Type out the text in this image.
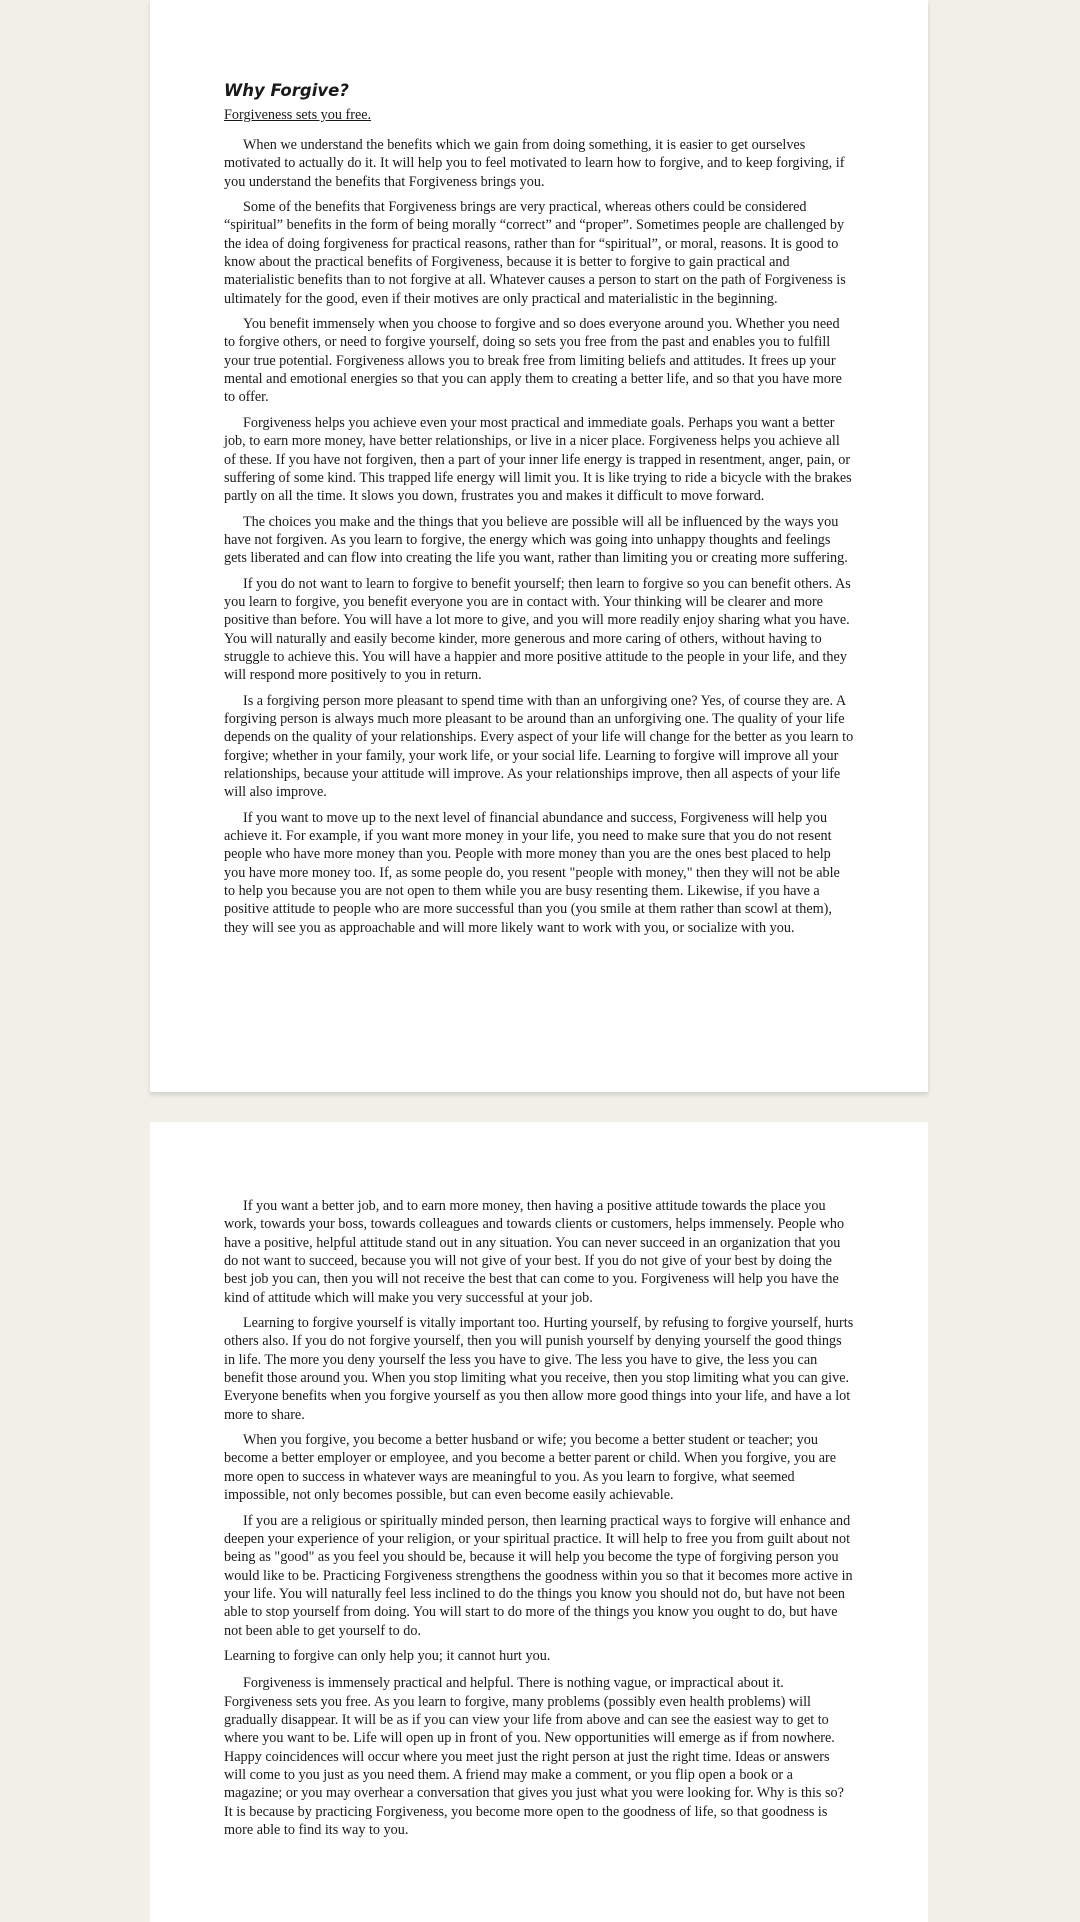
Why Forgive?
Forgiveness sets you free.

When we understand the benefits which we gain from doing something, it is easier to get ourselves motivated to actually do it. It will help you to feel motivated to learn how to forgive, and to keep forgiving, if you understand the benefits that Forgiveness brings you.

Some of the benefits that Forgiveness brings are very practical, whereas others could be considered “spiritual” benefits in the form of being morally “correct” and “proper”. Sometimes people are challenged by the idea of doing forgiveness for practical reasons, rather than for “spiritual”, or moral, reasons. It is good to know about the practical benefits of Forgiveness, because it is better to forgive to gain practical and materialistic benefits than to not forgive at all. Whatever causes a person to start on the path of Forgiveness is ultimately for the good, even if their motives are only practical and materialistic in the beginning.

You benefit immensely when you choose to forgive and so does everyone around you. Whether you need to forgive others, or need to forgive yourself, doing so sets you free from the past and enables you to fulfill your true potential. Forgiveness allows you to break free from limiting beliefs and attitudes. It frees up your mental and emotional energies so that you can apply them to creating a better life, and so that you have more to offer.

Forgiveness helps you achieve even your most practical and immediate goals. Perhaps you want a better job, to earn more money, have better relationships, or live in a nicer place. Forgiveness helps you achieve all of these. If you have not forgiven, then a part of your inner life energy is trapped in resentment, anger, pain, or suffering of some kind. This trapped life energy will limit you. It is like trying to ride a bicycle with the brakes partly on all the time. It slows you down, frustrates you and makes it difficult to move forward.

The choices you make and the things that you believe are possible will all be influenced by the ways you have not forgiven. As you learn to forgive, the energy which was going into unhappy thoughts and feelings gets liberated and can flow into creating the life you want, rather than limiting you or creating more suffering.

If you do not want to learn to forgive to benefit yourself; then learn to forgive so you can benefit others. As you learn to forgive, you benefit everyone you are in contact with. Your thinking will be clearer and more positive than before. You will have a lot more to give, and you will more readily enjoy sharing what you have. You will naturally and easily become kinder, more generous and more caring of others, without having to struggle to achieve this. You will have a happier and more positive attitude to the people in your life, and they will respond more positively to you in return.

Is a forgiving person more pleasant to spend time with than an unforgiving one? Yes, of course they are. A forgiving person is always much more pleasant to be around than an unforgiving one. The quality of your life depends on the quality of your relationships. Every aspect of your life will change for the better as you learn to forgive; whether in your family, your work life, or your social life. Learning to forgive will improve all your relationships, because your attitude will improve. As your relationships improve, then all aspects of your life will also improve.

If you want to move up to the next level of financial abundance and success, Forgiveness will help you achieve it. For example, if you want more money in your life, you need to make sure that you do not resent people who have more money than you. People with more money than you are the ones best placed to help you have more money too. If, as some people do, you resent "people with money," then they will not be able to help you because you are not open to them while you are busy resenting them. Likewise, if you have a positive attitude to people who are more successful than you (you smile at them rather than scowl at them), they will see you as approachable and will more likely want to work with you, or socialize with you.

If you want a better job, and to earn more money, then having a positive attitude towards the place you work, towards your boss, towards colleagues and towards clients or customers, helps immensely. People who have a positive, helpful attitude stand out in any situation. You can never succeed in an organization that you do not want to succeed, because you will not give of your best. If you do not give of your best by doing the best job you can, then you will not receive the best that can come to you. Forgiveness will help you have the kind of attitude which will make you very successful at your job.

Learning to forgive yourself is vitally important too. Hurting yourself, by refusing to forgive yourself, hurts others also. If you do not forgive yourself, then you will punish yourself by denying yourself the good things in life. The more you deny yourself the less you have to give. The less you have to give, the less you can benefit those around you. When you stop limiting what you receive, then you stop limiting what you can give. Everyone benefits when you forgive yourself as you then allow more good things into your life, and have a lot more to share.

When you forgive, you become a better husband or wife; you become a better student or teacher; you become a better employer or employee, and you become a better parent or child. When you forgive, you are more open to success in whatever ways are meaningful to you. As you learn to forgive, what seemed impossible, not only becomes possible, but can even become easily achievable.

If you are a religious or spiritually minded person, then learning practical ways to forgive will enhance and deepen your experience of your religion, or your spiritual practice. It will help to free you from guilt about not being as "good" as you feel you should be, because it will help you become the type of forgiving person you would like to be. Practicing Forgiveness strengthens the goodness within you so that it becomes more active in your life. You will naturally feel less inclined to do the things you know you should not do, but have not been able to stop yourself from doing. You will start to do more of the things you know you ought to do, but have not been able to get yourself to do.

Learning to forgive can only help you; it cannot hurt you.

Forgiveness is immensely practical and helpful. There is nothing vague, or impractical about it. Forgiveness sets you free. As you learn to forgive, many problems (possibly even health problems) will gradually disappear. It will be as if you can view your life from above and can see the easiest way to get to where you want to be. Life will open up in front of you. New opportunities will emerge as if from nowhere. Happy coincidences will occur where you meet just the right person at just the right time. Ideas or answers will come to you just as you need them. A friend may make a comment, or you flip open a book or a magazine; or you may overhear a conversation that gives you just what you were looking for. Why is this so? It is because by practicing Forgiveness, you become more open to the goodness of life, so that goodness is more able to find its way to you.
